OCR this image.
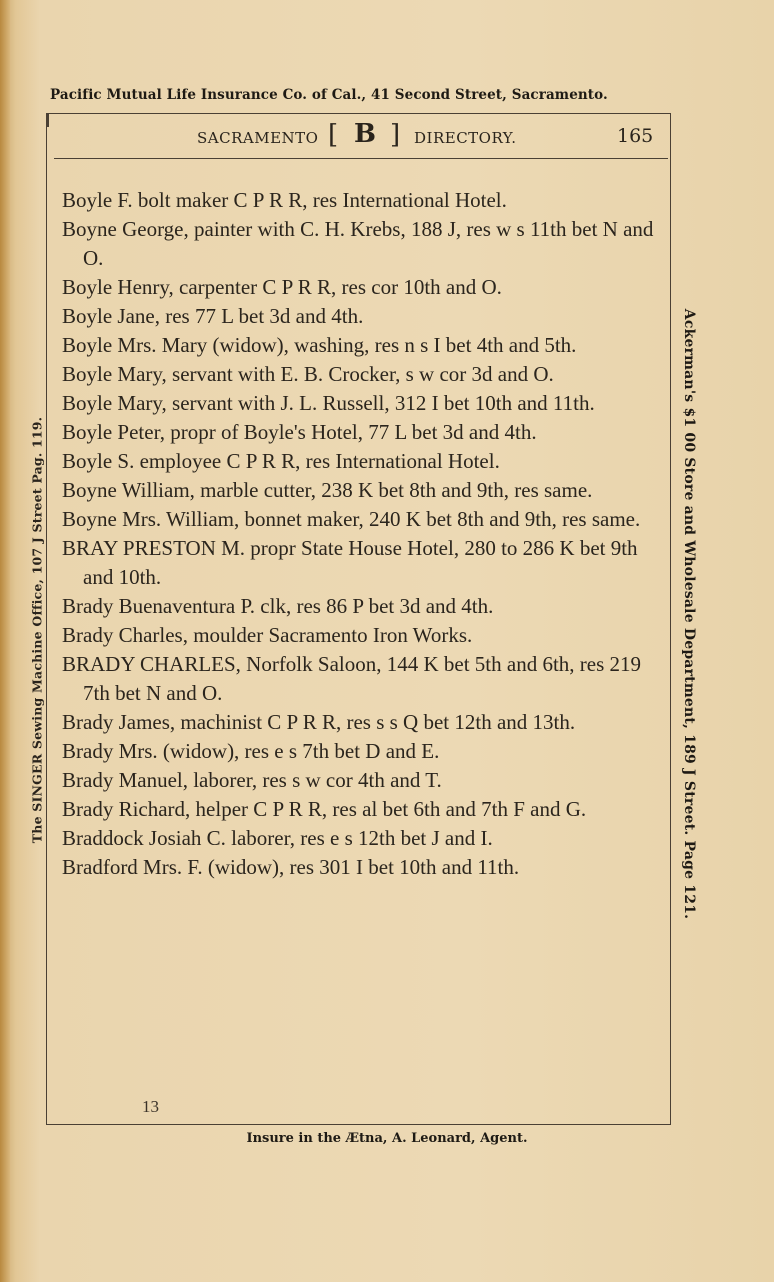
Pacific Mutual Life Insurance Co. of Cal., 41 Second Street, Sacramento.
SACRAMENTO [ B ] DIRECTORY.	165
The SINGER Sewing Machine Office, 107 J Street Pag. 119.	Ackerman's $1 00 Store and Wholesale Department, 189 J Street. Page 121.

Boyle F. bolt maker C P R R, res International Hotel.

Boyne George, painter with C. H. Krebs, 188 J, res w s 11th bet N and O.

Boyle Henry, carpenter C P R R, res cor 10th and O.

Boyle Jane, res 77 L bet 3d and 4th.

Boyle Mrs. Mary (widow), washing, res n s I bet 4th and 5th.

Boyle Mary, servant with E. B. Crocker, s w cor 3d and O.

Boyle Mary, servant with J. L. Russell, 312 I bet 10th and 11th.

Boyle Peter, propr of Boyle's Hotel, 77 L bet 3d and 4th.

Boyle S. employee C P R R, res International Hotel.

Boyne William, marble cutter, 238 K bet 8th and 9th, res same.

Boyne Mrs. William, bonnet maker, 240 K bet 8th and 9th, res same.

BRAY PRESTON M. propr State House Hotel, 280 to 286 K bet 9th and 10th.

Brady Buenaventura P. clk, res 86 P bet 3d and 4th.

Brady Charles, moulder Sacramento Iron Works.

BRADY CHARLES, Norfolk Saloon, 144 K bet 5th and 6th, res 219 7th bet N and O.

Brady James, machinist C P R R, res s s Q bet 12th and 13th.

Brady Mrs. (widow), res e s 7th bet D and E.

Brady Manuel, laborer, res s w cor 4th and T.

Brady Richard, helper C P R R, res al bet 6th and 7th F and G.

Braddock Josiah C. laborer, res e s 12th bet J and I.

Bradford Mrs. F. (widow), res 301 I bet 10th and 11th.

13
Insure in the Ætna, A. Leonard, Agent.
